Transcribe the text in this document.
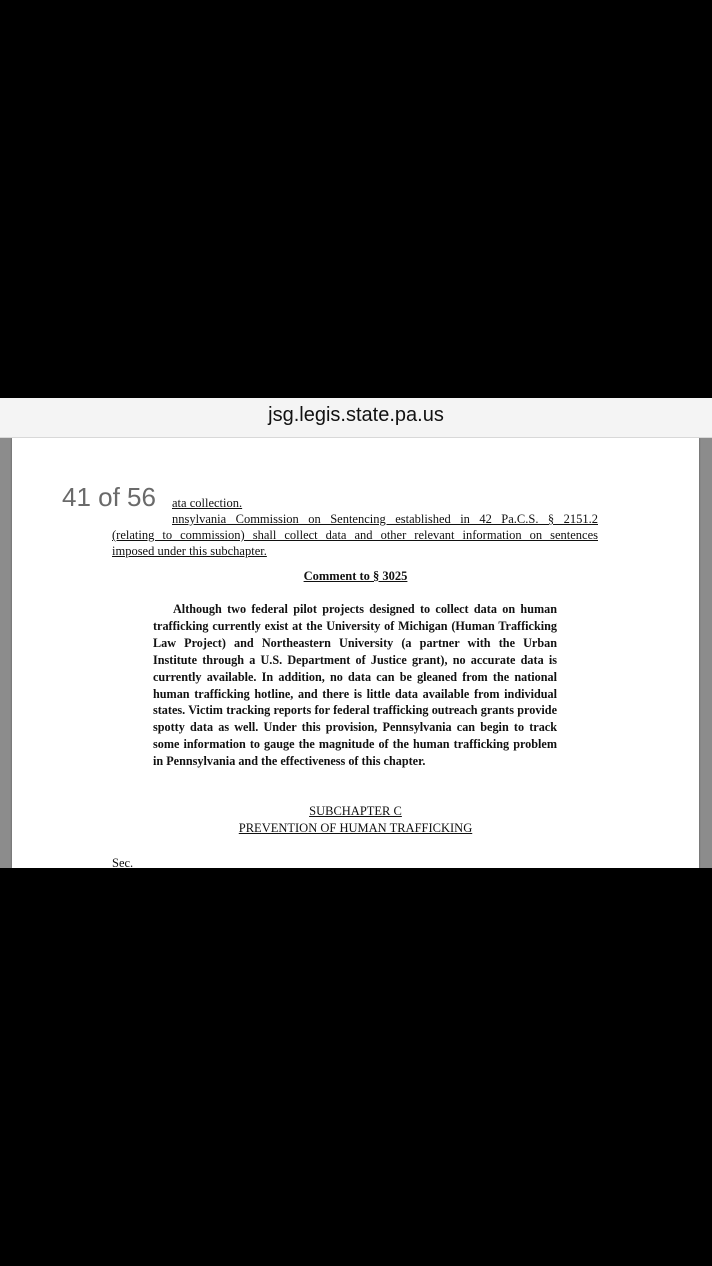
jsg.legis.state.pa.us
41 of 56	ata collection.
nnsylvania Commission on Sentencing established in 42 Pa.C.S. § 2151.2
(relating to commission) shall collect data and other relevant information on sentences
imposed under this subchapter.
Comment to § 3025
Although two federal pilot projects designed to collect data on human trafficking currently exist at the University of Michigan (Human Trafficking Law Project) and Northeastern University (a partner with the Urban Institute through a U.S. Department of Justice grant), no accurate data is currently available. In addition, no data can be gleaned from the national human trafficking hotline, and there is little data available from individual states. Victim tracking reports for federal trafficking outreach grants provide spotty data as well. Under this provision, Pennsylvania can begin to track some information to gauge the magnitude of the human trafficking problem in Pennsylvania and the effectiveness of this chapter.
SUBCHAPTER C
PREVENTION OF HUMAN TRAFFICKING
Sec.
